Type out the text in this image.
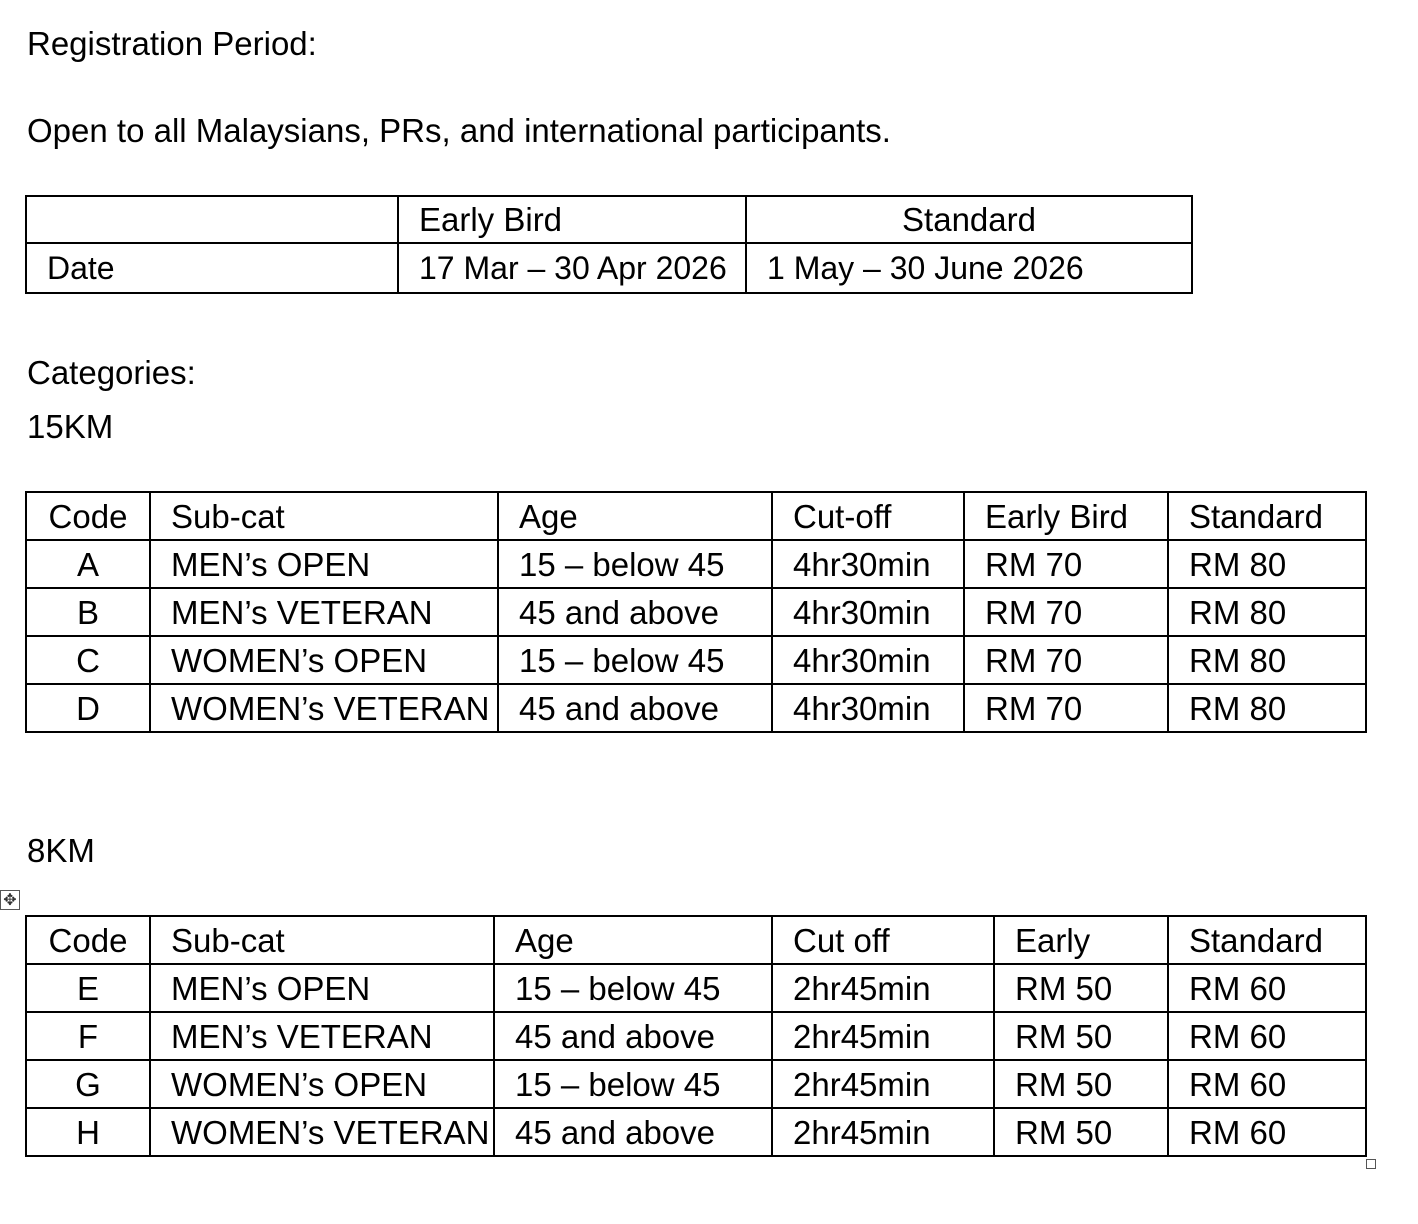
Registration Period:
Open to all Malaysians, PRs, and international participants.
	Early Bird	Standard
Date	17 Mar – 30 Apr 2026	1 May – 30 June 2026
Categories:
15KM
Code	Sub-cat	Age	Cut-off	Early Bird	Standard
A	MEN’s OPEN	15 – below 45	4hr30min	RM 70	RM 80
B	MEN’s VETERAN	45 and above	4hr30min	RM 70	RM 80
C	WOMEN’s OPEN	15 – below 45	4hr30min	RM 70	RM 80
D	WOMEN’s VETERAN	45 and above	4hr30min	RM 70	RM 80
8KM
✥
Code	Sub-cat	Age	Cut off	Early	Standard
E	MEN’s OPEN	15 – below 45	2hr45min	RM 50	RM 60
F	MEN’s VETERAN	45 and above	2hr45min	RM 50	RM 60
G	WOMEN’s OPEN	15 – below 45	2hr45min	RM 50	RM 60
H	WOMEN’s VETERAN	45 and above	2hr45min	RM 50	RM 60
